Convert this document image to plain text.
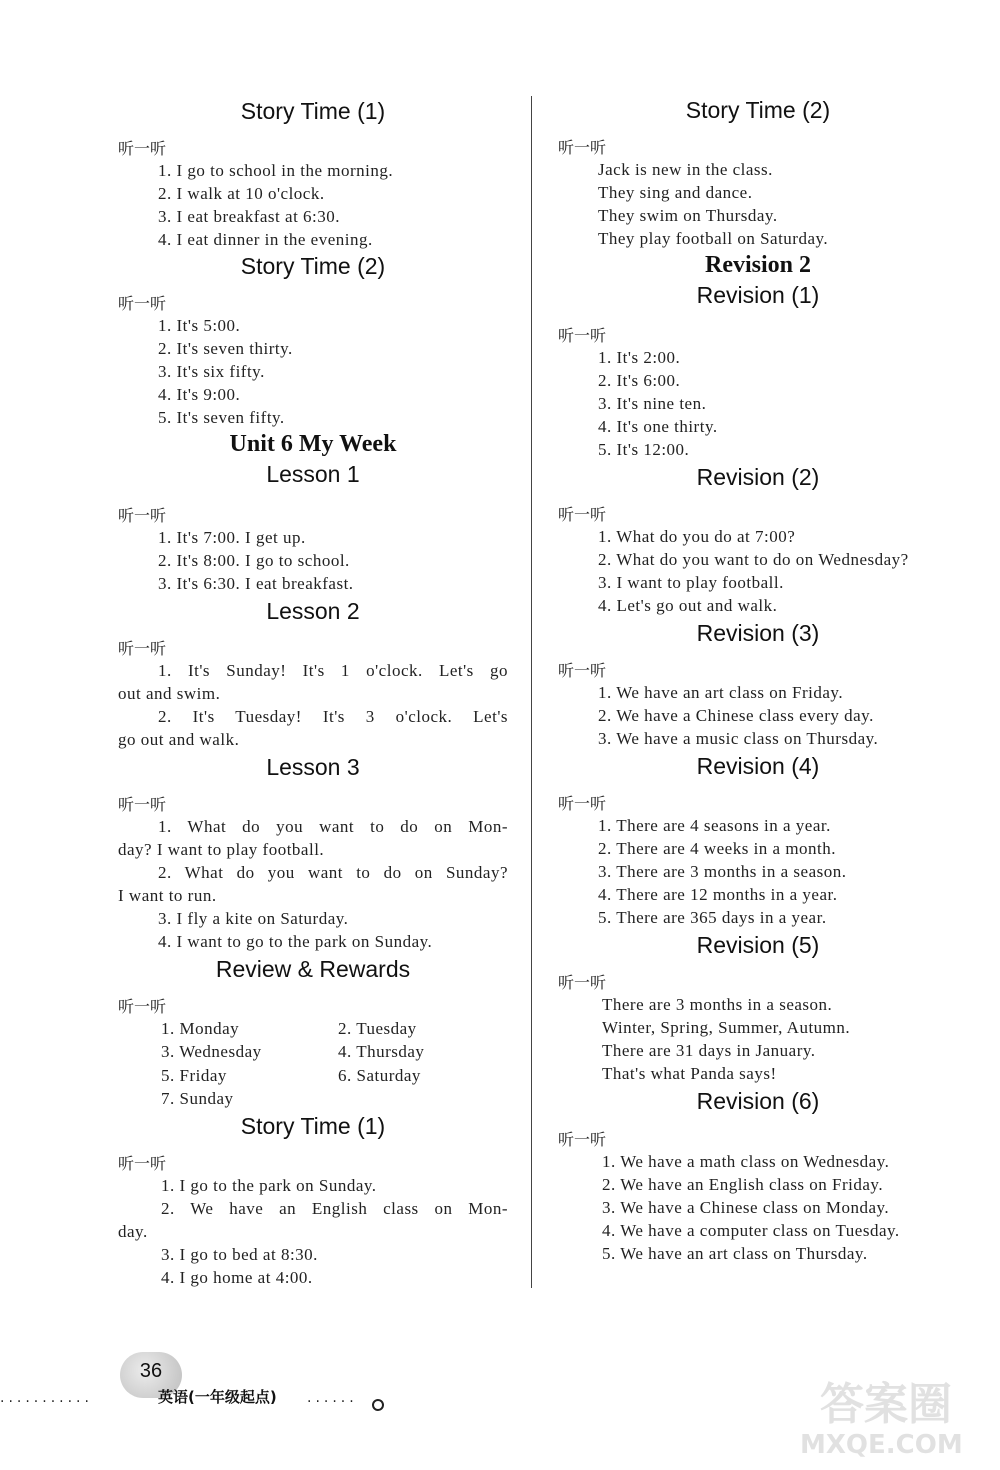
Story Time (1)
听一听
1. I go to school in the morning.
2. I walk at 10 o'clock.
3. I eat breakfast at 6:30.
4. I eat dinner in the evening.
Story Time (2)
听一听
1. It's 5:00.
2. It's seven thirty.
3. It's six fifty.
4. It's 9:00.
5. It's seven fifty.
Unit 6 My Week
Lesson 1
听一听
1. It's 7:00. I get up.
2. It's 8:00. I go to school.
3. It's 6:30. I eat breakfast.
Lesson 2
听一听
1. It's Sunday! It's 1 o'clock. Let's go
out and swim.
2. It's Tuesday! It's 3 o'clock. Let's
go out and walk.
Lesson 3
听一听
1. What do you want to do on Mon-
day? I want to play football.
2. What do you want to do on Sunday?
I want to run.
3. I fly a kite on Saturday.
4. I want to go to the park on Sunday.
Review & Rewards
听一听
1. Monday	2. Tuesday
3. Wednesday	4. Thursday
5. Friday	6. Saturday
7. Sunday
Story Time (1)
听一听
1. I go to the park on Sunday.
2. We have an English class on Mon-
day.
3. I go to bed at 8:30.
4. I go home at 4:00.
Story Time (2)
听一听
Jack is new in the class.
They sing and dance.
They swim on Thursday.
They play football on Saturday.
Revision 2
Revision (1)
听一听
1. It's 2:00.
2. It's 6:00.
3. It's nine ten.
4. It's one thirty.
5. It's 12:00.
Revision (2)
听一听
1. What do you do at 7:00?
2. What do you want to do on Wednesday?
3. I want to play football.
4. Let's go out and walk.
Revision (3)
听一听
1. We have an art class on Friday.
2. We have a Chinese class every day.
3. We have a music class on Thursday.
Revision (4)
听一听
1. There are 4 seasons in a year.
2. There are 4 weeks in a month.
3. There are 3 months in a season.
4. There are 12 months in a year.
5. There are 365 days in a year.
Revision (5)
听一听
There are 3 months in a season.
Winter, Spring, Summer, Autumn.
There are 31 days in January.
That's what Panda says!
Revision (6)
听一听
1. We have a math class on Wednesday.
2. We have an English class on Friday.
3. We have a Chinese class on Monday.
4. We have a computer class on Tuesday.
5. We have an art class on Thursday.
...........
36
英语(一年级起点) ......	答案圈
MXQE.COM
